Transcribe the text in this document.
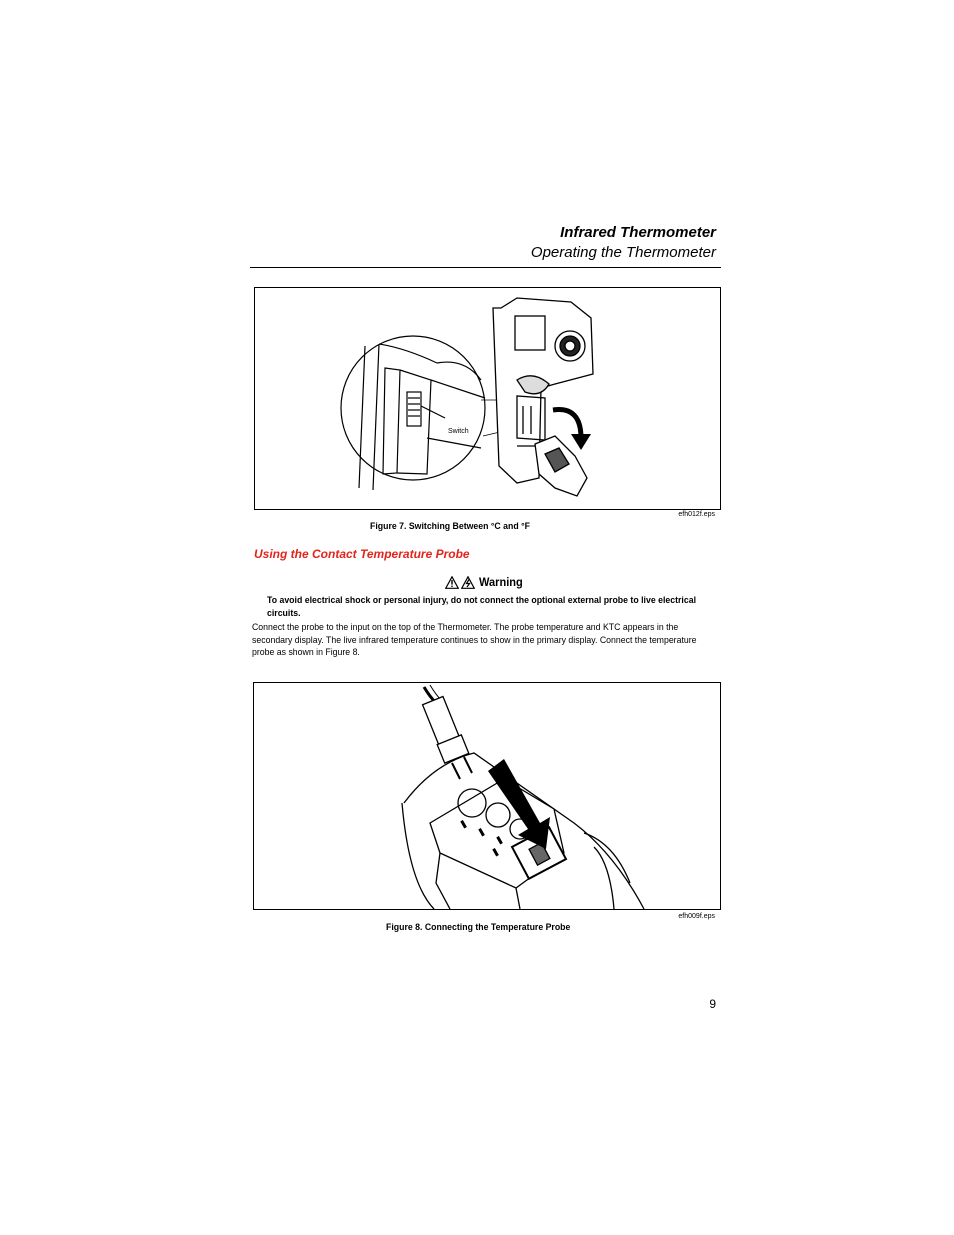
Infrared Thermometer
Operating the Thermometer
Switch
efh012f.eps
Figure 7. Switching Between °C and °F
Using the Contact Temperature Probe
Warning
To avoid electrical shock or personal injury, do not connect the optional external probe to live electrical circuits.
Connect the probe to the input on the top of the Thermometer. The probe temperature and KTC appears in the secondary display. The live infrared temperature continues to show in the primary display. Connect the temperature probe as shown in Figure 8.
efh009f.eps
Figure 8. Connecting the Temperature Probe
9
